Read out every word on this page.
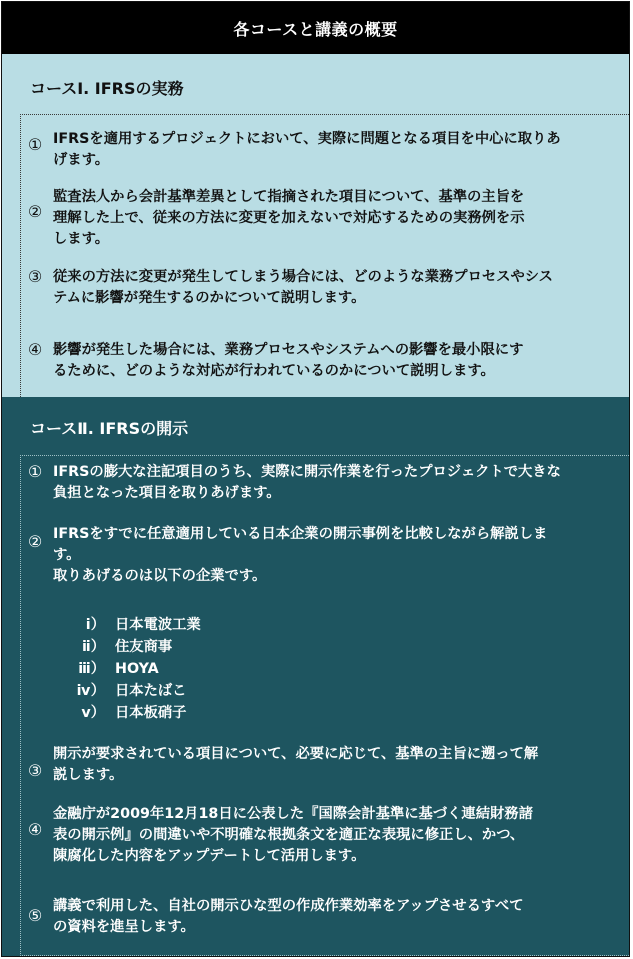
各コースと講義の概要
コースⅠ. IFRSの実務
① IFRSを適用するプロジェクトにおいて、実際に問題となる項目を中心に取りあ
げます。
②
監査法人から会計基準差異として指摘された項目について、基準の主旨を
理解した上で、従来の方法に変更を加えないで対応するための実務例を示
します。
③ 従来の方法に変更が発生してしまう場合には、どのような業務プロセスやシス
テムに影響が発生するのかについて説明します。
④ 影響が発生した場合には、業務プロセスやシステムへの影響を最小限にす
るために、どのような対応が行われているのかについて説明します。
コースⅡ. IFRSの開示
① IFRSの膨大な注記項目のうち、実際に開示作業を行ったプロジェクトで大きな
負担となった項目を取りあげます。
② IFRSをすでに任意適用している日本企業の開示事例を比較しながら解説しま
す。
取りあげるのは以下の企業です。
ⅰ） 日本電波工業
ⅱ） 住友商事
ⅲ） HOYA
ⅳ） 日本たばこ
ⅴ） 日本板硝子
③
開示が要求されている項目について、必要に応じて、基準の主旨に遡って解
説します。
④
金融庁が2009年12月18日に公表した『国際会計基準に基づく連結財務諸
表の開示例』の間違いや不明確な根拠条文を適正な表現に修正し、かつ、
陳腐化した内容をアップデートして活用します。
⑤ 講義で利用した、自社の開示ひな型の作成作業効率をアップさせるすべて
の資料を進呈します。
